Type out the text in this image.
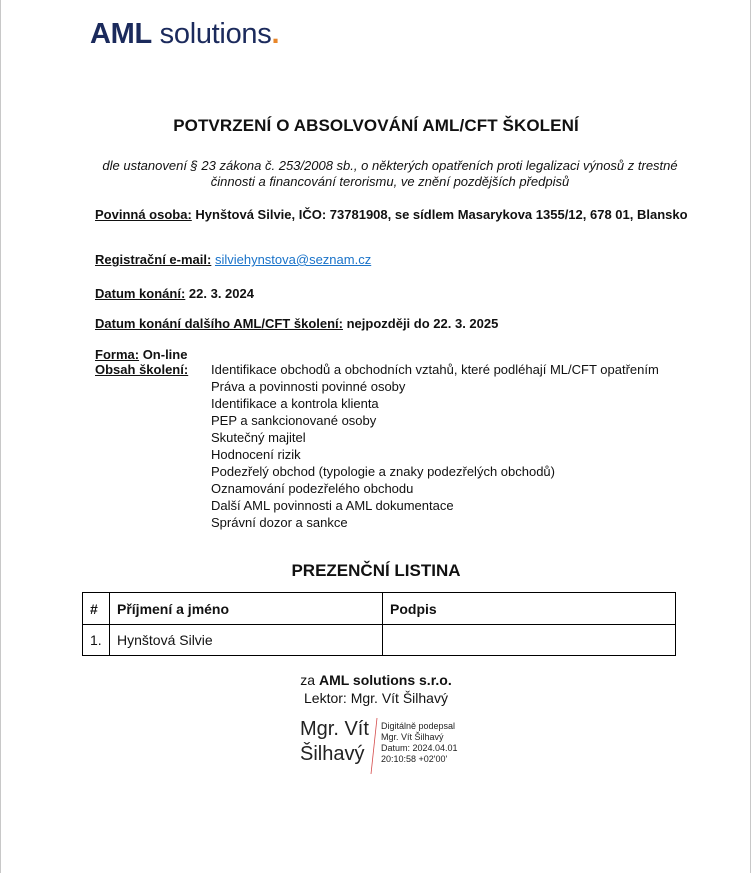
AML solutions.
POTVRZENÍ O ABSOLVOVÁNÍ AML/CFT ŠKOLENÍ
dle ustanovení § 23 zákona č. 253/2008 sb., o některých opatřeních proti legalizaci výnosů z trestné činnosti a financování terorismu, ve znění pozdějších předpisů
Povinná osoba: Hynštová Silvie, IČO: 73781908, se sídlem Masarykova 1355/12, 678 01, Blansko
Registrační e-mail: silviehynstova@seznam.cz
Datum konání: 22. 3. 2024
Datum konání dalšího AML/CFT školení: nejpozději do 22. 3. 2025
Forma: On-line
Obsah školení:	Identifikace obchodů a obchodních vztahů, které podléhají ML/CFT opatřením
Práva a povinnosti povinné osoby
Identifikace a kontrola klienta
PEP a sankcionované osoby
Skutečný majitel
Hodnocení rizik
Podezřelý obchod (typologie a znaky podezřelých obchodů)
Oznamování podezřelého obchodu
Další AML povinnosti a AML dokumentace
Správní dozor a sankce
PREZENČNÍ LISTINA
#	Příjmení a jméno	Podpis
1.	Hynštová Silvie	
za AML solutions s.r.o.
Lektor: Mgr. Vít Šilhavý
Mgr. Vít
Šilhavý
Digitálně podepsal
Mgr. Vít Šilhavý
Datum: 2024.04.01
20:10:58 +02'00'
